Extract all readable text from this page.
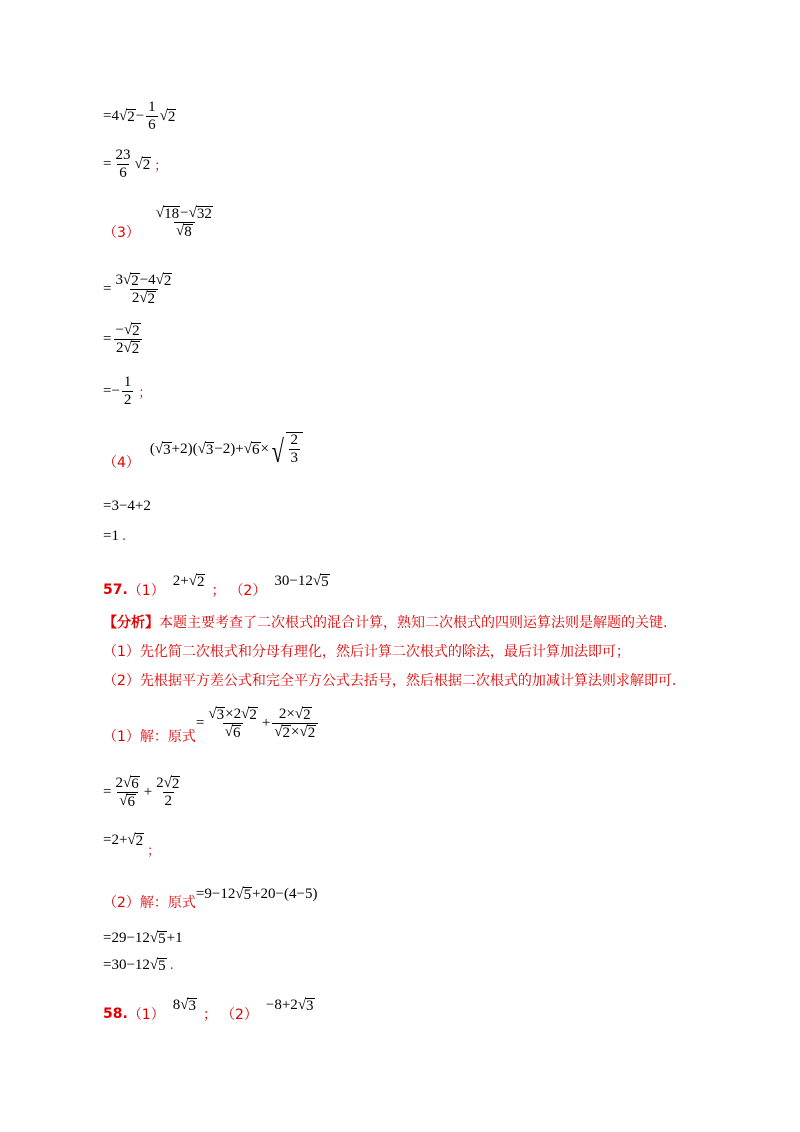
=4 √ $2 - \frac{1}{6}$ √ 2
= $\frac{23}{6}$ √ 2 ；
$(3) \frac{√ 18 - √ 32}{√ 8}$
= $\frac{3 √ 2 -4 √ 2}{2 √ 2}$
= $\frac{- √ 2}{2 √ 2}$
=− $\frac{1}{2}$ ；
（4）
( √ 3 +2)( √ 3 −2)+ √ 6 × √ $\frac{2}{3}$
=3−4+2
=1 .
57. （1）
2+ √ 2
； （2）
30−12 √ 5
【分析】本题主要考查了二次根式的混合计算，熟知二次根式的四则运算法则是解题的关键.
（1）先化简二次根式和分母有理化，然后计算二次根式的除法，最后计算加法即可；
（2）先根据平方差公式和完全平方公式去括号，然后根据二次根式的加减计算法则求解即可.
（1）解：原式
= $\frac{√ 3 \times 2 √ 2}{√ 6} + \frac{2\times √ 2}{√ 2 \times √ 2}$
= $\frac{2 √ 6}{√ 6} + \frac{2 √ 2}{2}$
=2+ √ 2
；
（2）解：原式
=9−12 √ 5 +20−(4−5)
=29−12 √ 5 +1
=30−12 √ 5 .
58. （1）
8 √ 3
； （2）
−8+2 √ 3
